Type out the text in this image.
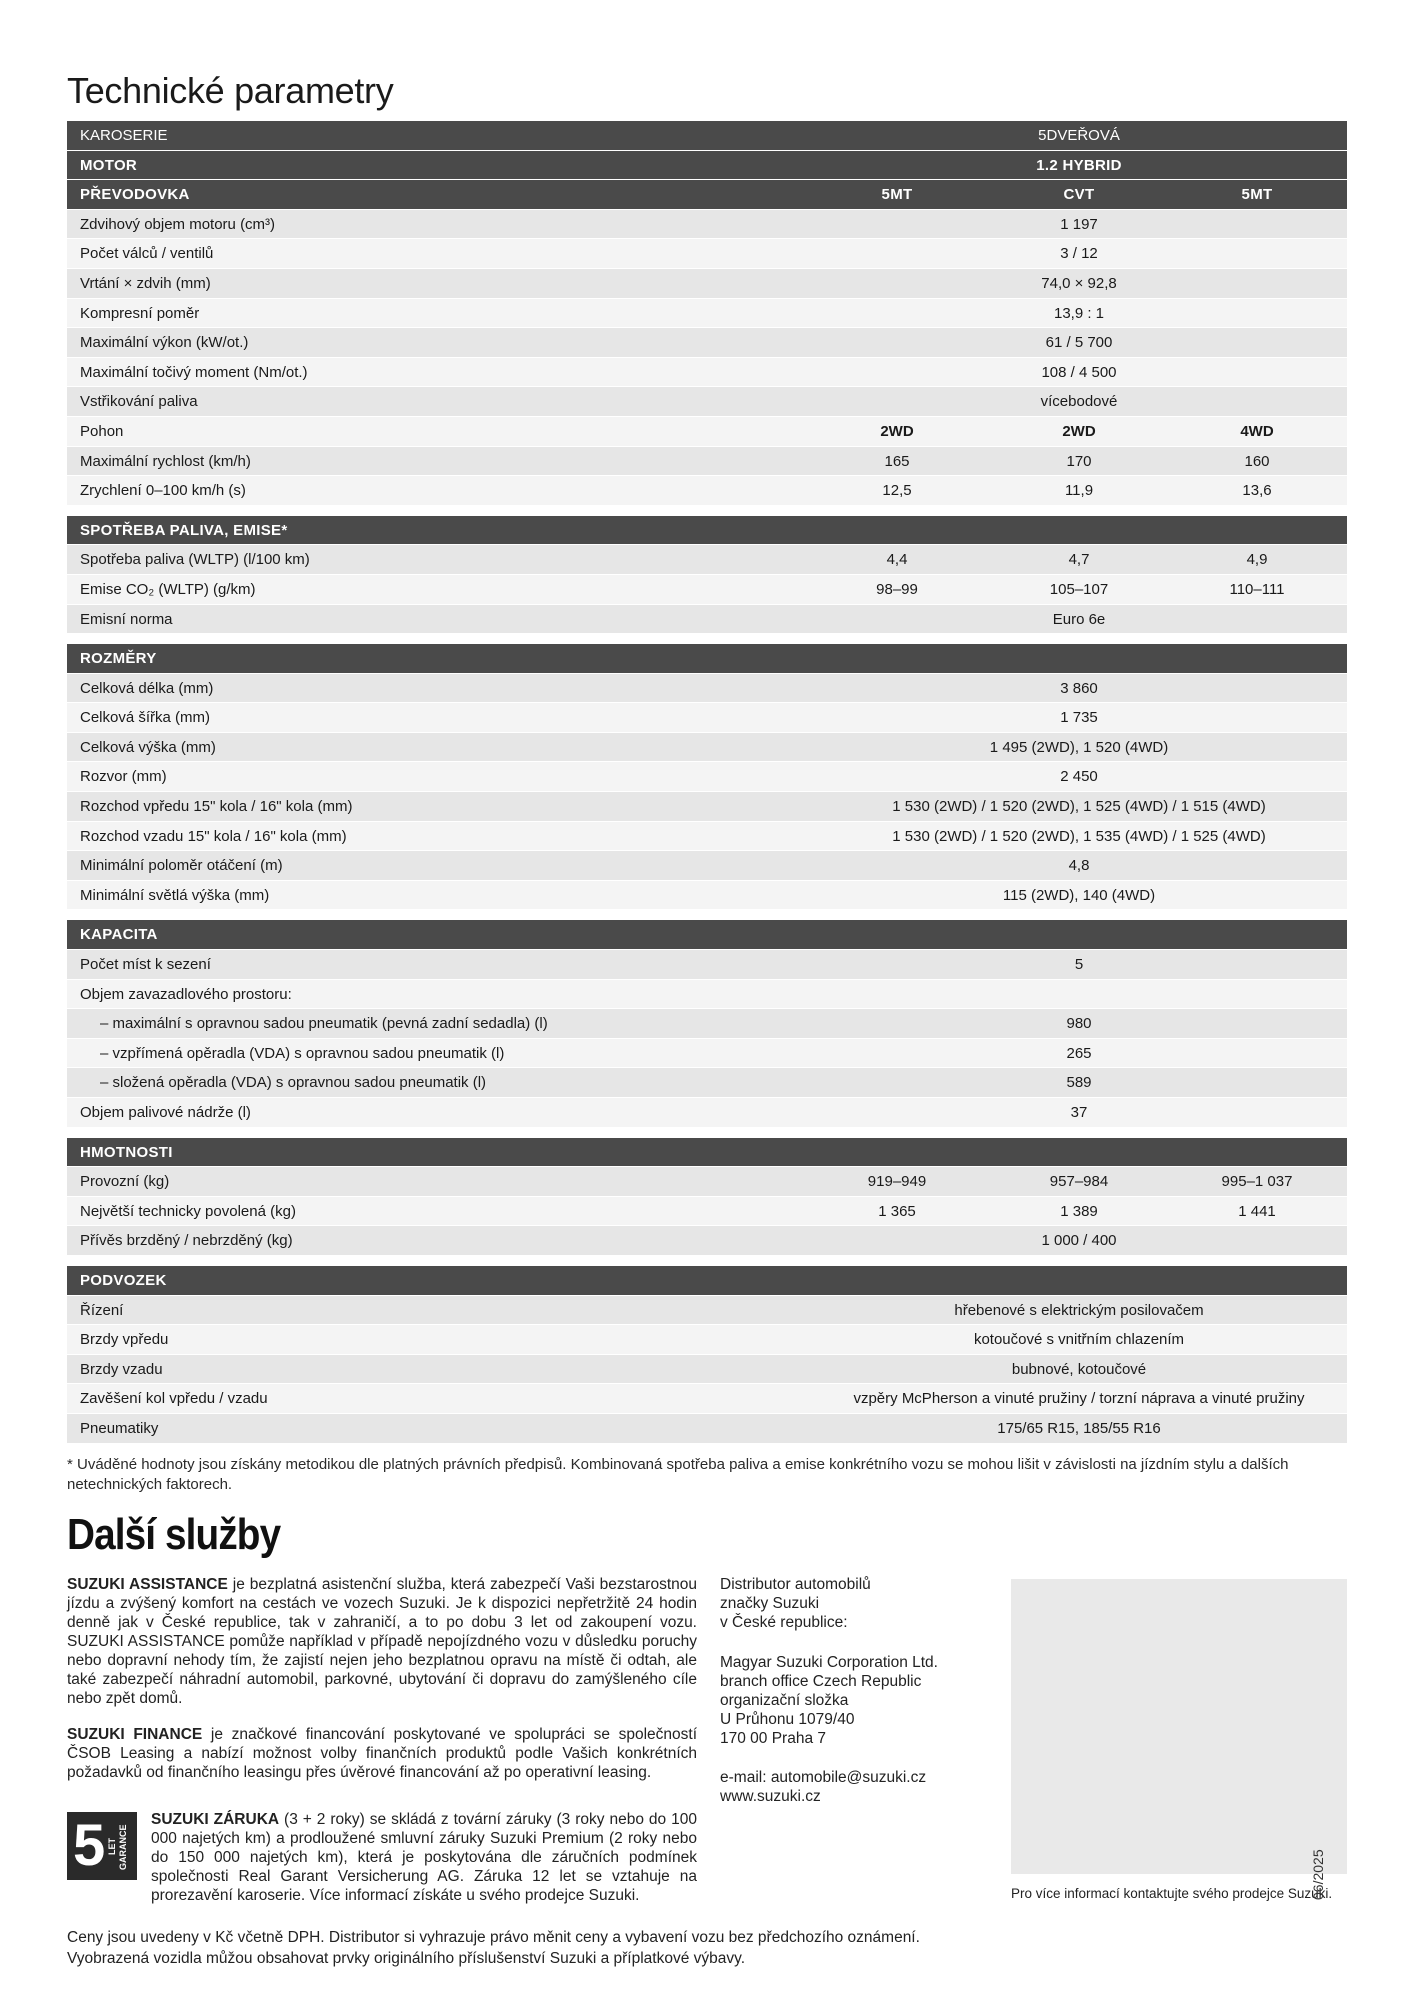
Technické parametry
KAROSERIE	5DVEŘOVÁ
MOTOR	1.2 HYBRID
PŘEVODOVKA	5MT	CVT	5MT
Zdvihový objem motoru (cm³)	1 197
Počet válců / ventilů	3 / 12
Vrtání × zdvih (mm)	74,0 × 92,8
Kompresní poměr	13,9 : 1
Maximální výkon (kW/ot.)	61 / 5 700
Maximální točivý moment (Nm/ot.)	108 / 4 500
Vstřikování paliva	vícebodové
Pohon	2WD	2WD	4WD
Maximální rychlost (km/h)	165	170	160
Zrychlení 0–100 km/h (s)	12,5	11,9	13,6
SPOTŘEBA PALIVA, EMISE*
Spotřeba paliva (WLTP) (l/100 km)	4,4	4,7	4,9
Emise CO₂ (WLTP) (g/km)	98–99	105–107	110–111
Emisní norma	Euro 6e
ROZMĚRY
Celková délka (mm)	3 860
Celková šířka (mm)	1 735
Celková výška (mm)	1 495 (2WD), 1 520 (4WD)
Rozvor (mm)	2 450
Rozchod vpředu 15" kola / 16" kola (mm)	1 530 (2WD) / 1 520 (2WD), 1 525 (4WD) / 1 515 (4WD)
Rozchod vzadu 15" kola / 16" kola (mm)	1 530 (2WD) / 1 520 (2WD), 1 535 (4WD) / 1 525 (4WD)
Minimální poloměr otáčení (m)	4,8
Minimální světlá výška (mm)	115 (2WD), 140 (4WD)
KAPACITA
Počet míst k sezení	5
Objem zavazadlového prostoru:
– maximální s opravnou sadou pneumatik (pevná zadní sedadla) (l)	980
– vzpřímená opěradla (VDA) s opravnou sadou pneumatik (l)	265
– složená opěradla (VDA) s opravnou sadou pneumatik (l)	589
Objem palivové nádrže (l)	37
HMOTNOSTI
Provozní (kg)	919–949	957–984	995–1 037
Největší technicky povolená (kg)	1 365	1 389	1 441
Přívěs brzděný / nebrzděný (kg)	1 000 / 400
PODVOZEK
Řízení	hřebenové s elektrickým posilovačem
Brzdy vpředu	kotoučové s vnitřním chlazením
Brzdy vzadu	bubnové, kotoučové
Zavěšení kol vpředu / vzadu	vzpěry McPherson a vinuté pružiny / torzní náprava a vinuté pružiny
Pneumatiky	175/65 R15, 185/55 R16

* Uváděné hodnoty jsou získány metodikou dle platných právních předpisů. Kombinovaná spotřeba paliva a emise konkrétního vozu se mohou lišit v závislosti na jízdním stylu a dalších netechnických faktorech.

Další služby

SUZUKI ASSISTANCE je bezplatná asistenční služba, která zabezpečí Vaši bezstarostnou jízdu a zvýšený komfort na cestách ve vozech Suzuki. Je k dispozici nepřetržitě 24 hodin denně jak v České republice, tak v zahraničí, a to po dobu 3 let od zakoupení vozu. SUZUKI ASSISTANCE pomůže například v případě nepojízdného vozu v důsledku poruchy nebo dopravní nehody tím, že zajistí nejen jeho bezplatnou opravu na místě či odtah, ale také zabezpečí náhradní automobil, parkovné, ubytování či dopravu do zamýšleného cíle nebo zpět domů.

SUZUKI FINANCE je značkové financování poskytované ve spolupráci se společností ČSOB Leasing a nabízí možnost volby finančních produktů podle Vašich konkrétních požadavků od finančního leasingu přes úvěrové financování až po operativní leasing.

5 LET GARANCE

SUZUKI ZÁRUKA (3 + 2 roky) se skládá z tovární záruky (3 roky nebo do 100 000 najetých km) a prodloužené smluvní záruky Suzuki Premium (2 roky nebo do 150 000 najetých km), která je poskytována dle záručních podmínek společnosti Real Garant Versicherung AG. Záruka 12 let se vztahuje na prorezavění karoserie. Více informací získáte u svého prodejce Suzuki.

Distributor automobilů
značky Suzuki
v České republice:
Magyar Suzuki Corporation Ltd.
branch office Czech Republic
organizační složka
U Průhonu 1079/40
170 00 Praha 7
e-mail: automobile@suzuki.cz
www.suzuki.cz
Pro více informací kontaktujte svého prodejce Suzuki.
Ceny jsou uvedeny v Kč včetně DPH. Distributor si vyhrazuje právo měnit ceny a vybavení vozu bez předchozího oznámení.
Vyobrazená vozidla můžou obsahovat prvky originálního příslušenství Suzuki a příplatkové výbavy.
06/2025
